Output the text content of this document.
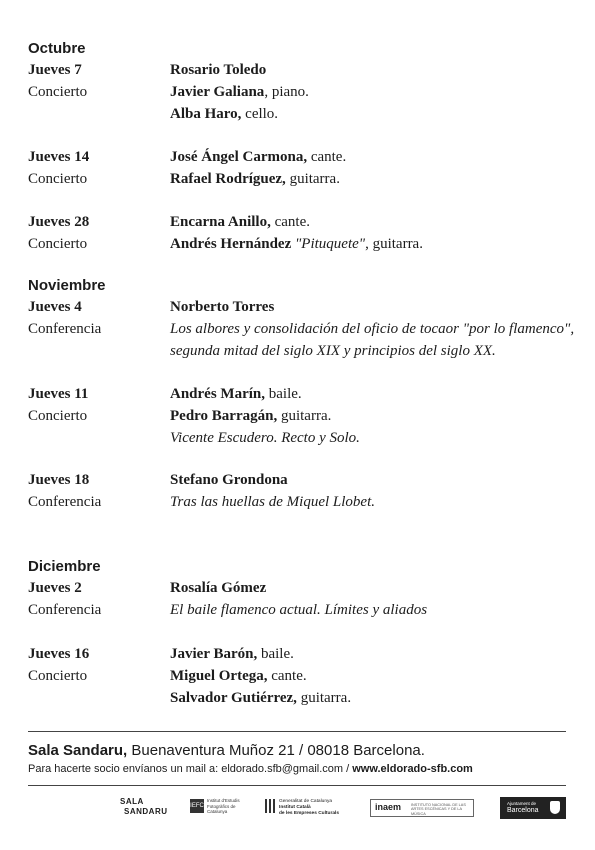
Octubre
Noviembre
Diciembre
Jueves 7
Concierto
Rosario Toledo
Javier Galiana, piano.
Alba Haro, cello.
Jueves 14
Concierto
José Ángel Carmona, cante.
Rafael Rodríguez, guitarra.
Jueves 28
Concierto
Encarna Anillo, cante.
Andrés Hernández "Pituquete", guitarra.
Jueves 4
Conferencia
Norberto Torres
Los albores y consolidación del oficio de tocaor "por lo flamenco",
segunda mitad del siglo XIX y principios del siglo XX.
Jueves 11
Concierto
Andrés Marín, baile.
Pedro Barragán, guitarra.
Vicente Escudero. Recto y Solo.
Jueves 18
Conferencia
Stefano Grondona
Tras las huellas de Miquel Llobet.
Jueves 2
Conferencia
Rosalía Gómez
El baile flamenco actual. Límites y aliados
Jueves 16
Concierto
Javier Barón, baile.
Miguel Ortega, cante.
Salvador Gutiérrez, guitarra.
Sala Sandaru, Buenaventura Muñoz 21 / 08018 Barcelona.
Para hacerte socio envíanos un mail a: eldorado.sfb@gmail.com / www.eldorado-sfb.com
SALA
SANDARU
IEFC
Institut d'Estudis Fotogràfics de Catalunya
Generalitat de Catalunya
Institut Català
de les Empreses Culturals
inaem	INSTITUTO NACIONAL DE LAS ARTES ESCÉNICAS Y DE LA MÚSICA
Ajuntament de
Barcelona
